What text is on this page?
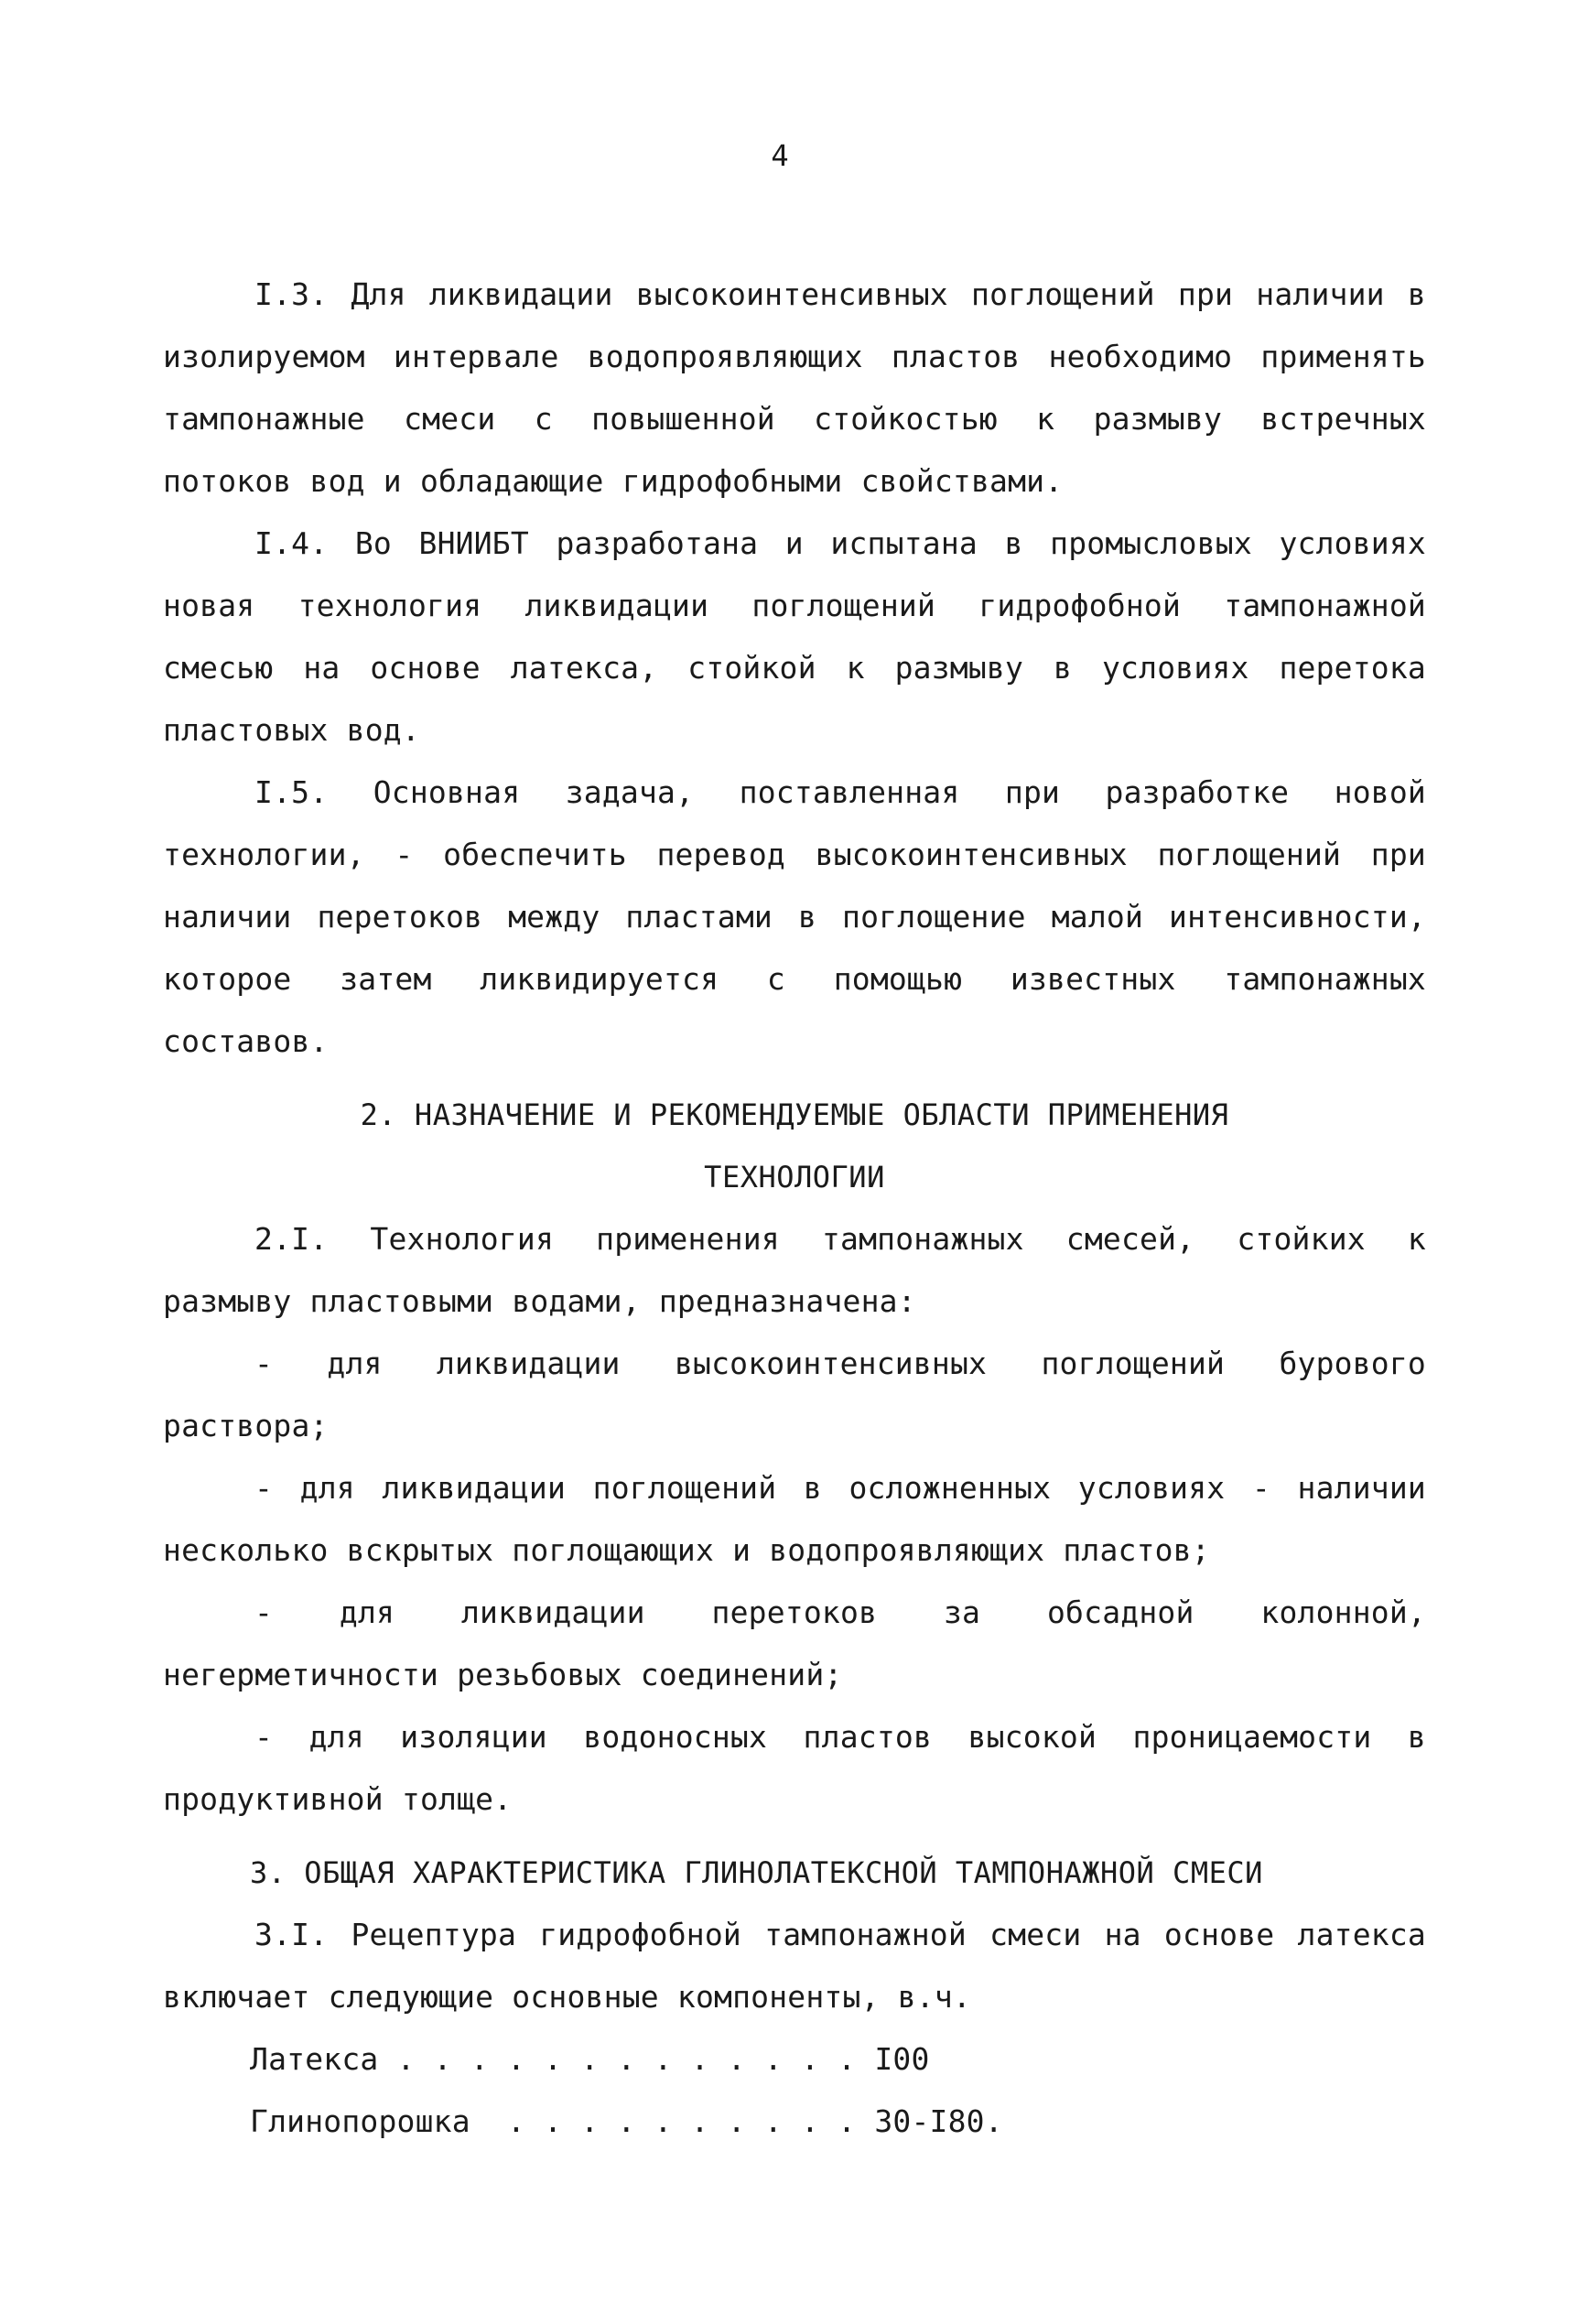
4

I.3. Для ликвидации высокоинтенсивных поглощений при наличии в изолируемом интервале водопроявляющих пластов необходимо применять тампонажные смеси с повышенной стойкостью к размыву встречных потоков вод и обладающие гидрофобными свойствами.

I.4. Во ВНИИБТ разработана и испытана в промысловых условиях новая технология ликвидации поглощений гидрофобной тампонажной смесью на основе латекса, стойкой к размыву в условиях перетока пластовых вод.

I.5. Основная задача, поставленная при разработке новой технологии, - обеспечить перевод высокоинтенсивных поглощений при наличии перетоков между пластами в поглощение малой интенсивности, которое затем ликвидируется с помощью известных тампонажных составов.

2. НАЗНАЧЕНИЕ И РЕКОМЕНДУЕМЫЕ ОБЛАСТИ ПРИМЕНЕНИЯ
ТЕХНОЛОГИИ

2.I. Технология применения тампонажных смесей, стойких к размыву пластовыми водами, предназначена:

- для ликвидации высокоинтенсивных поглощений бурового раствора;

- для ликвидации поглощений в осложненных условиях - наличии несколько вскрытых поглощающих и водопроявляющих пластов;

- для ликвидации перетоков за обсадной колонной, негерметичности резьбовых соединений;

- для изоляции водоносных пластов высокой проницаемости в продуктивной толще.

3. ОБЩАЯ ХАРАКТЕРИСТИКА ГЛИНОЛАТЕКСНОЙ ТАМПОНАЖНОЙ СМЕСИ

3.I. Рецептура гидрофобной тампонажной смеси на основе латекса включает следующие основные компоненты, в.ч.

Латекса . . . . . . . . . . . . . I00
Глинопорошка . . . . . . . . . . 30-I80.
